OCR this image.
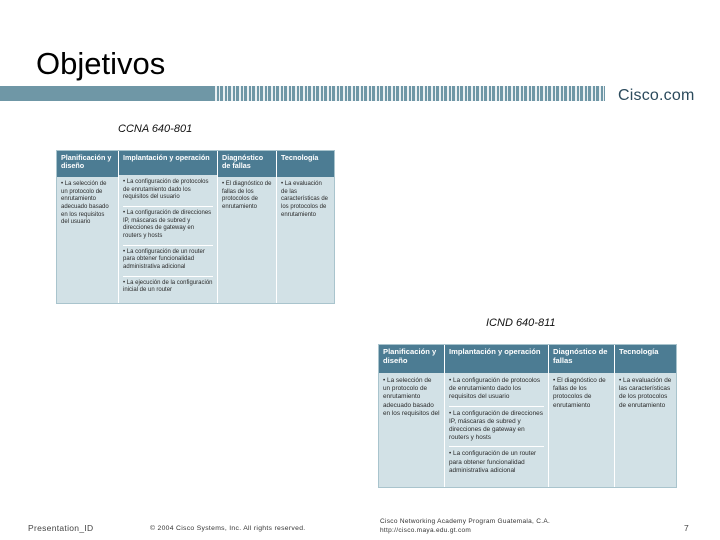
Objetivos
Cisco.com
CCNA 640-801
Planificación y diseño
• La selección de un protocolo de enrutamiento adecuado basado en los requisitos del usuario
Implantación y operación
• La configuración de protocolos de enrutamiento dado los requisitos del usuario
• La configuración de direcciones IP, máscaras de subred y direcciones de gateway en routers y hosts
• La configuración de un router para obtener funcionalidad administrativa adicional
• La ejecución de la configuración inicial de un router
Diagnóstico de fallas
• El diagnóstico de fallas de los protocolos de enrutamiento
Tecnología
• La evaluación de las características de los protocolos de enrutamiento
ICND 640-811
Planificación y diseño
• La selección de un protocolo de enrutamiento adecuado basado en los requisitos del
Implantación y operación
• La configuración de protocolos de enrutamiento dado los requisitos del usuario
• La configuración de direcciones IP, máscaras de subred y direcciones de gateway en routers y hosts
• La configuración de un router para obtener funcionalidad administrativa adicional
Diagnóstico de fallas
• El diagnóstico de fallas de los protocolos de enrutamiento
Tecnología
• La evaluación de las características de los protocolos de enrutamiento
Presentation_ID	© 2004 Cisco Systems, Inc. All rights reserved.
Cisco Networking Academy Program Guatemala, C.A.
http://cisco.maya.edu.gt.com	7
